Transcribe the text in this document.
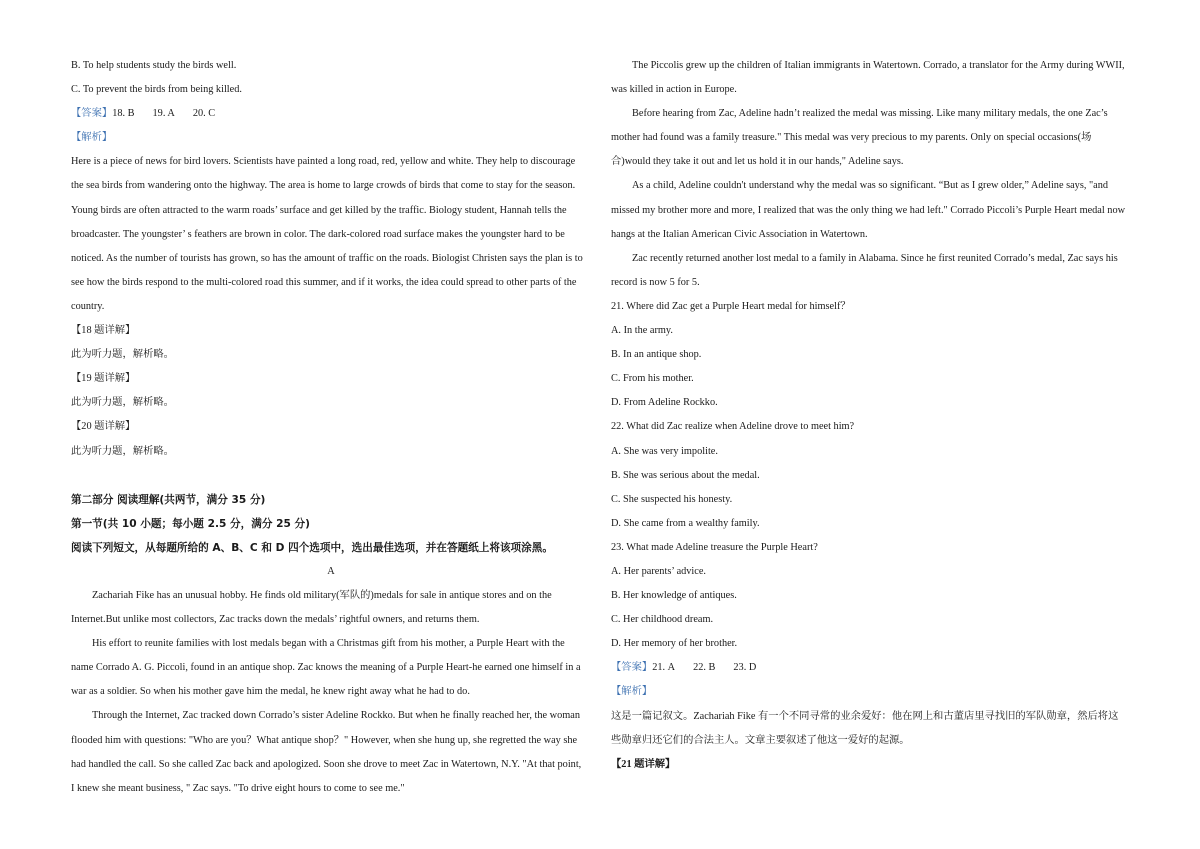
B. To help students study the birds well.

C. To prevent the birds from being killed.

【答案】18. B 19. A 20. C

【解析】

Here is a piece of news for bird lovers. Scientists have painted a long road, red, yellow and white. They help to discourage

the sea birds from wandering onto the highway. The area is home to large crowds of birds that come to stay for the season.

Young birds are often attracted to the warm roads’ surface and get killed by the traffic. Biology student, Hannah tells the

broadcaster. The youngster’ s feathers are brown in color. The dark-colored road surface makes the youngster hard to be

noticed. As the number of tourists has grown, so has the amount of traffic on the roads. Biologist Christen says the plan is to

see how the birds respond to the multi-colored road this summer, and if it works, the idea could spread to other parts of the

country.

【18 题详解】

此为听力题，解析略。

【19 题详解】

此为听力题，解析略。

【20 题详解】

此为听力题，解析略。

第二部分 阅读理解(共两节，满分 35 分)

第一节(共 10 小题；每小题 2.5 分，满分 25 分)

阅读下列短文，从每题所给的 A、B、C 和 D 四个选项中，选出最佳选项，并在答题纸上将该项涂黑。

A

Zachariah Fike has an unusual hobby. He finds old military(军队的)medals for sale in antique stores and on the

Internet.But unlike most collectors, Zac tracks down the medals’ rightful owners, and returns them.

His effort to reunite families with lost medals began with a Christmas gift from his mother, a Purple Heart with the

name Corrado A. G. Piccoli, found in an antique shop. Zac knows the meaning of a Purple Heart-he earned one himself in a

war as a soldier. So when his mother gave him the medal, he knew right away what he had to do.

Through the Internet, Zac tracked down Corrado’s sister Adeline Rockko. But when he finally reached her, the woman

flooded him with questions: "Who are you？What antique shop？" However, when she hung up, she regretted the way she

had handled the call. So she called Zac back and apologized. Soon she drove to meet Zac in Watertown, N.Y. "At that point,

I knew she meant business, " Zac says. "To drive eight hours to come to see me."

The Piccolis grew up the children of Italian immigrants in Watertown. Corrado, a translator for the Army during WWII,

was killed in action in Europe.

Before hearing from Zac, Adeline hadn’t realized the medal was missing. Like many military medals, the one Zac’s

mother had found was a family treasure." This medal was very precious to my parents. Only on special occasions(场

合)would they take it out and let us hold it in our hands," Adeline says.

As a child, Adeline couldn't understand why the medal was so significant. “But as I grew older,” Adeline says, "and

missed my brother more and more, I realized that was the only thing we had left." Corrado Piccoli’s Purple Heart medal now

hangs at the Italian American Civic Association in Watertown.

Zac recently returned another lost medal to a family in Alabama. Since he first reunited Corrado’s medal, Zac says his

record is now 5 for 5.

21. Where did Zac get a Purple Heart medal for himself？

A. In the army.

B. In an antique shop.

C. From his mother.

D. From Adeline Rockko.

22. What did Zac realize when Adeline drove to meet him?

A. She was very impolite.

B. She was serious about the medal.

C. She suspected his honesty.

D. She came from a wealthy family.

23. What made Adeline treasure the Purple Heart?

A. Her parents’ advice.

B. Her knowledge of antiques.

C. Her childhood dream.

D. Her memory of her brother.

【答案】21. A 22. B 23. D

【解析】

这是一篇记叙文。Zachariah Fike 有一个不同寻常的业余爱好：他在网上和古董店里寻找旧的军队勋章，然后将这

些勋章归还它们的合法主人。文章主要叙述了他这一爱好的起源。

【21 题详解】
